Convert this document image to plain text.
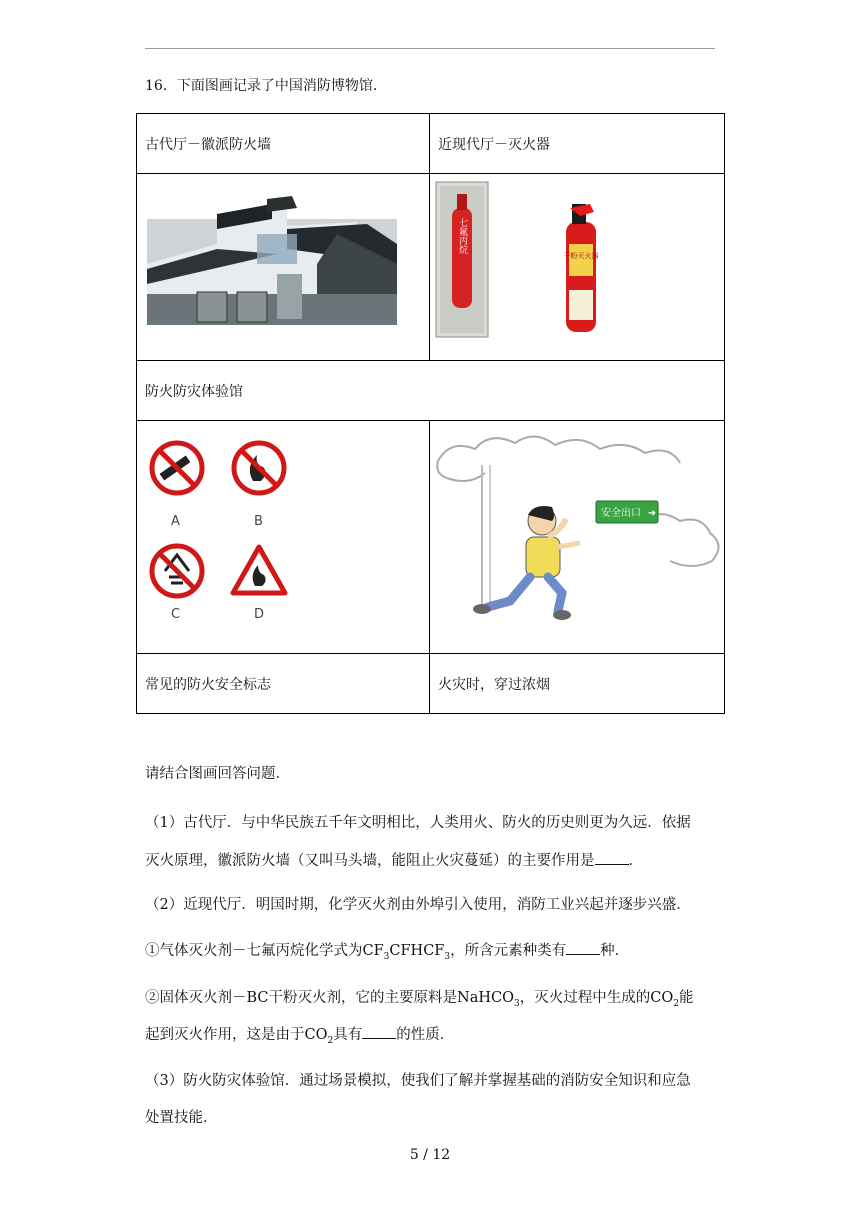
16．下面图画记录了中国消防博物馆．
古代厅－徽派防火墙	近现代厅－灭火器

七氟丙烷
干粉灭火器

防火防灾体验馆	

A B
C D	安全出口 ➜

常见的防火安全标志	火灾时，穿过浓烟
请结合图画回答问题．
（1）古代厅．与中华民族五千年文明相比，人类用火、防火的历史则更为久远．依据
灭火原理，徽派防火墙（又叫马头墙，能阻止火灾蔓延）的主要作用是 ．
（2）近现代厅．明国时期，化学灭火剂由外埠引入使用，消防工业兴起并逐步兴盛．
①气体灭火剂－七氟丙烷化学式为$CF_3CFHCF_3$，所含元素种类有 种．
②固体灭火剂－BC干粉灭火剂，它的主要原料是NaHCO$_3$，灭火过程中生成的$CO_2$能
起到灭火作用，这是由于$CO_2$具有 的性质．
（3）防火防灾体验馆．通过场景模拟，使我们了解并掌握基础的消防安全知识和应急
处置技能．
5 / 12
